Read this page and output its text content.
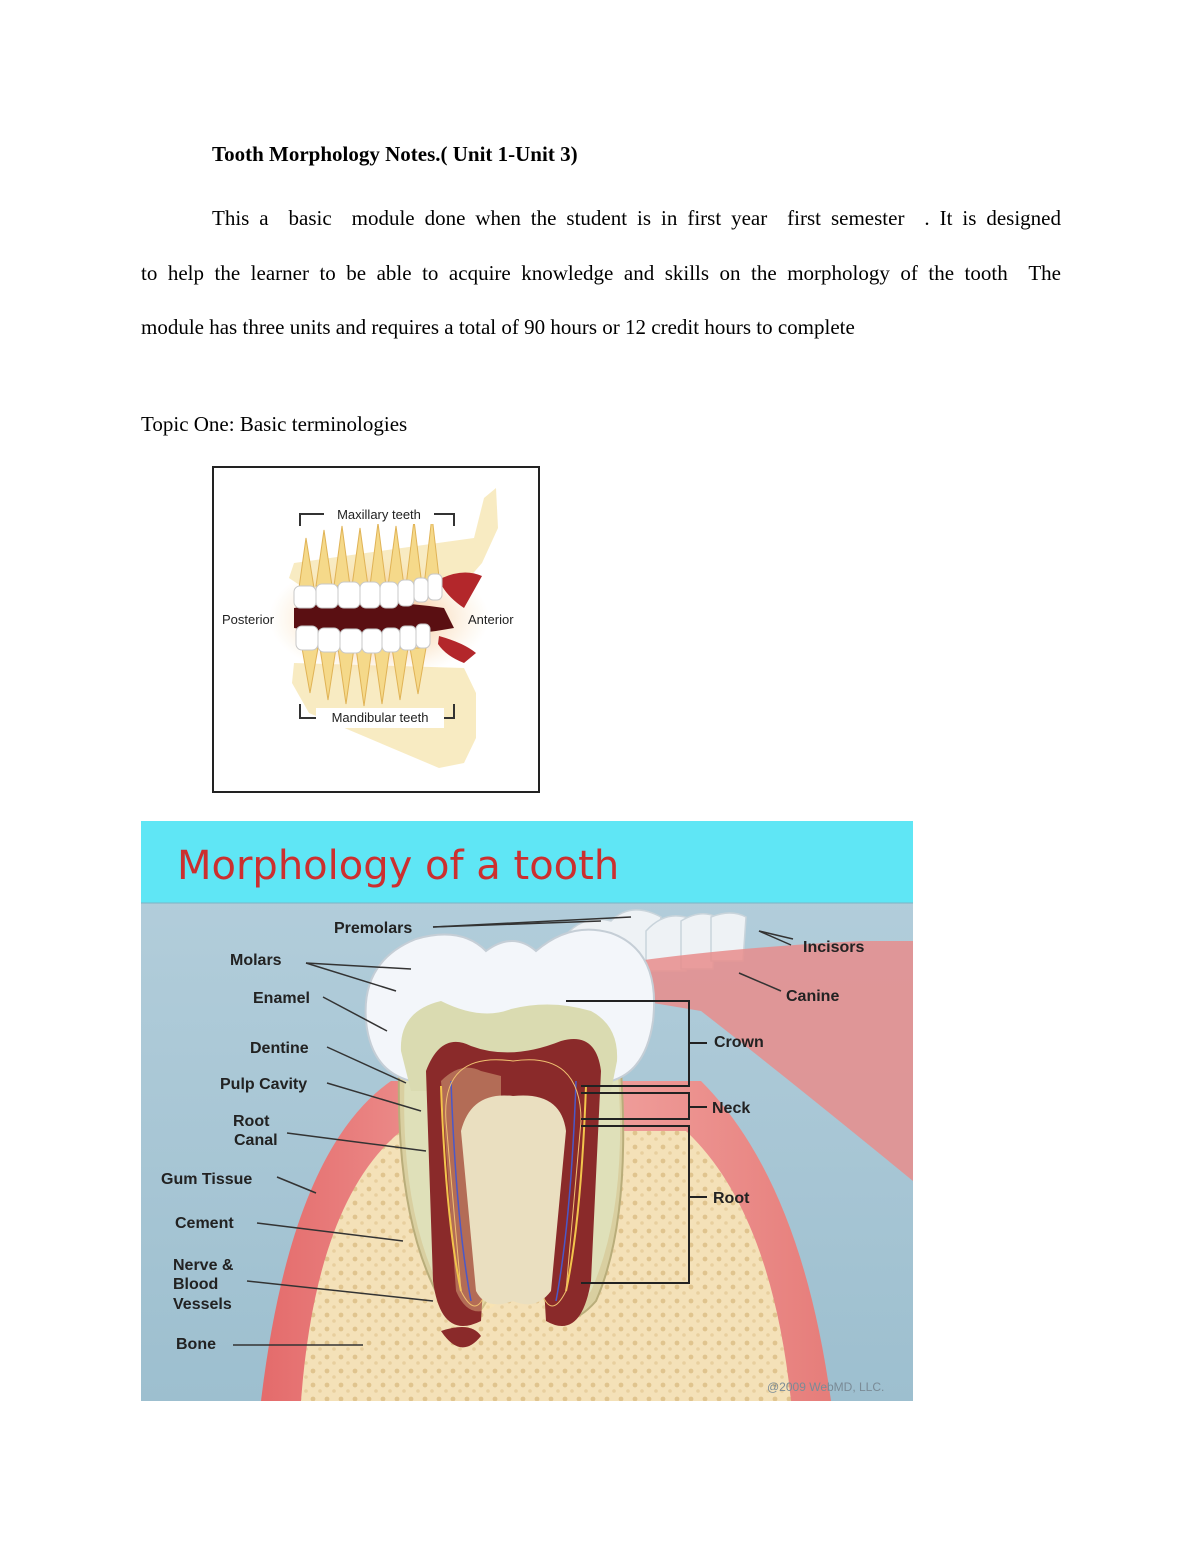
Tooth Morphology Notes.( Unit 1-Unit 3)
This a  basic  module done when the student is in first year  first semester  . It is designed
to help the learner to be able to acquire knowledge and skills on the morphology of the tooth  The
module has three units and requires a total of 90 hours or 12 credit hours to complete
Topic One: Basic terminologies
Maxillary teeth
Mandibular teeth
Posterior	Anterior
Morphology of a tooth
Premolars
Incisors
Molars
Canine
Enamel
Dentine	Crown
Pulp Cavity
Neck
Root
Canal
Gum Tissue
Root
Cement
Nerve &
Blood
Vessels
Bone
@2009 WebMD, LLC.
